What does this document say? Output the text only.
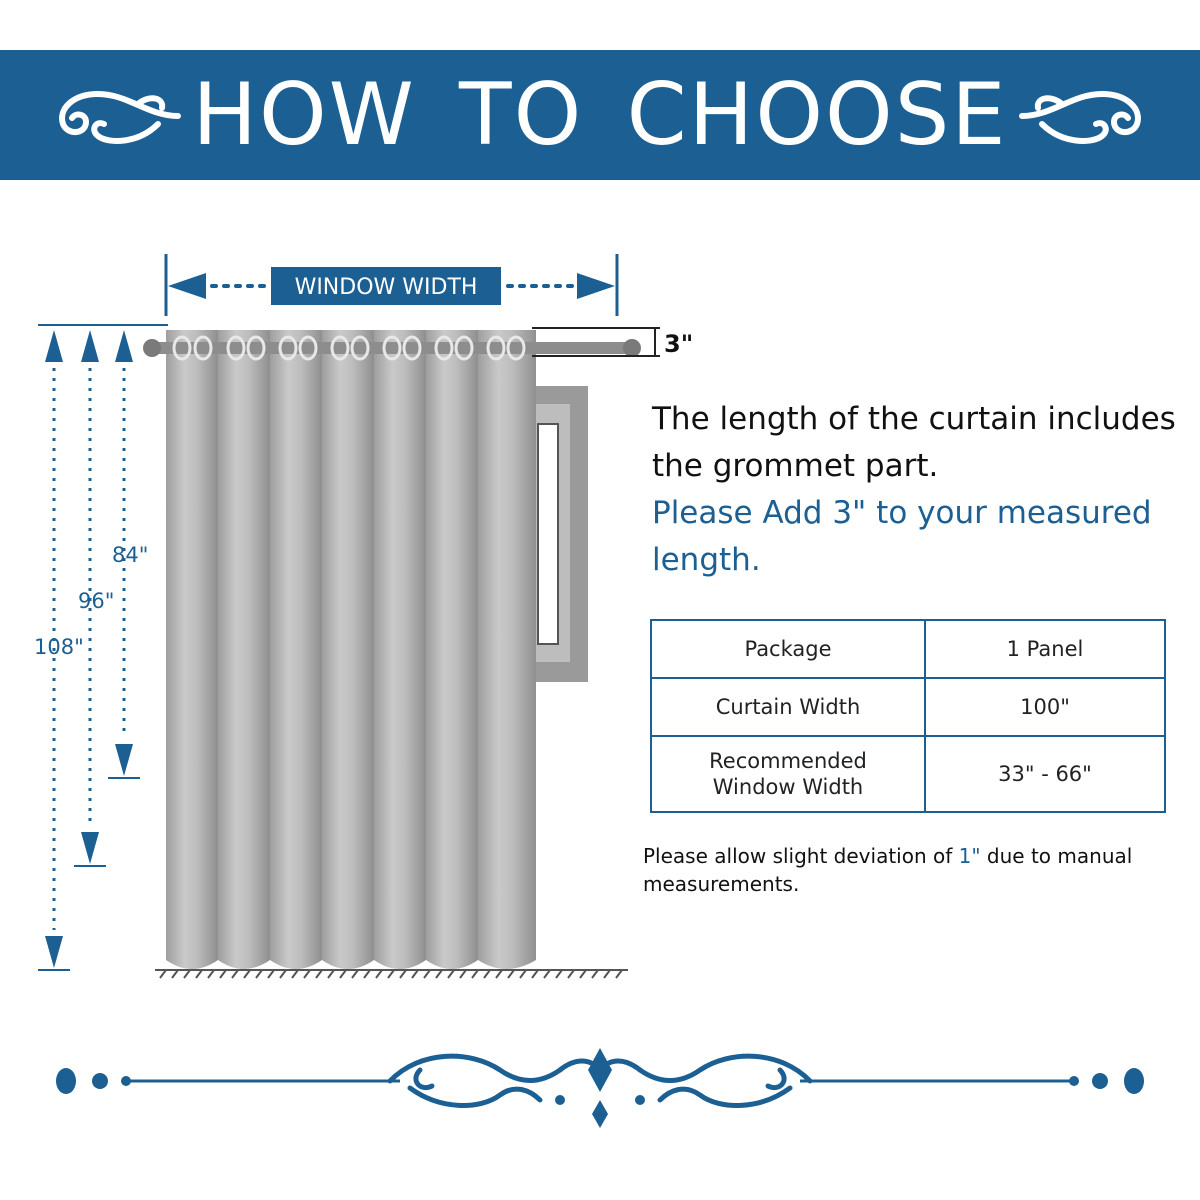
HOW TO CHOOSE
WINDOW WIDTH
3"
84"
96"
108"
The length of the curtain includes
the grommet part.
Please Add 3" to your measured
length.
Package	1 Panel
Curtain Width	100"

Recommended
Window Width	33" - 66"
Please allow slight deviation of 1" due to manual measurements.
